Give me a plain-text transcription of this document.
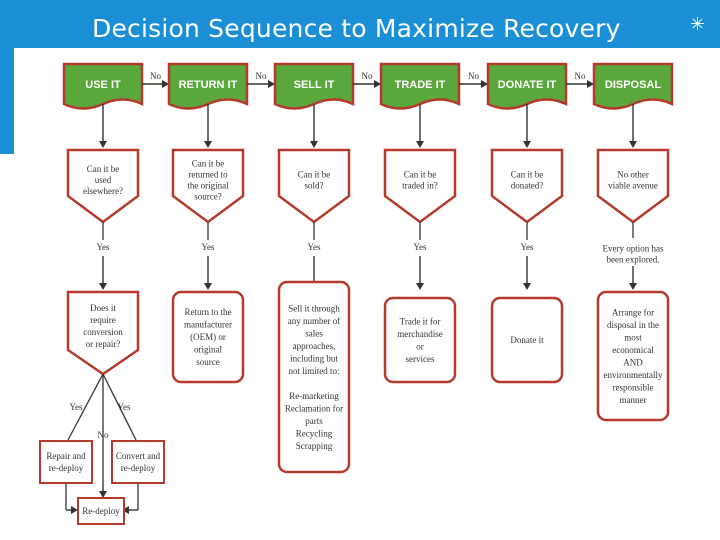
Decision Sequence to Maximize Recovery	✳
USE IT	RETURN IT	SELL IT	TRADE IT	DONATE IT	DISPOSAL
No	No	No	No	No
Can it be
used
elsewhere?
Can it be
returned to
the original
source?
Can it be
sold?
Can it be
traded in?
Can it be
donated?
No other
viable avenue
Yes	Yes	Yes	Yes	Yes	Every option has
been explored.
Does it
require
conversion
or repair?
Return to the
manufacturer
(OEM) or
original
source
Sell it through
any number of
sales
approaches,
including but
not limited to:
Re-marketing
Reclamation for
parts
Recycling
Scrapping
Trade it for
merchandise
or
services
Donate it
Arrange for
disposal in the
most
economical
AND
environmentally
responsible
manner
Yes	Yes
No
Repair and
re-deploy
Convert and
re-deploy
Re-deploy
